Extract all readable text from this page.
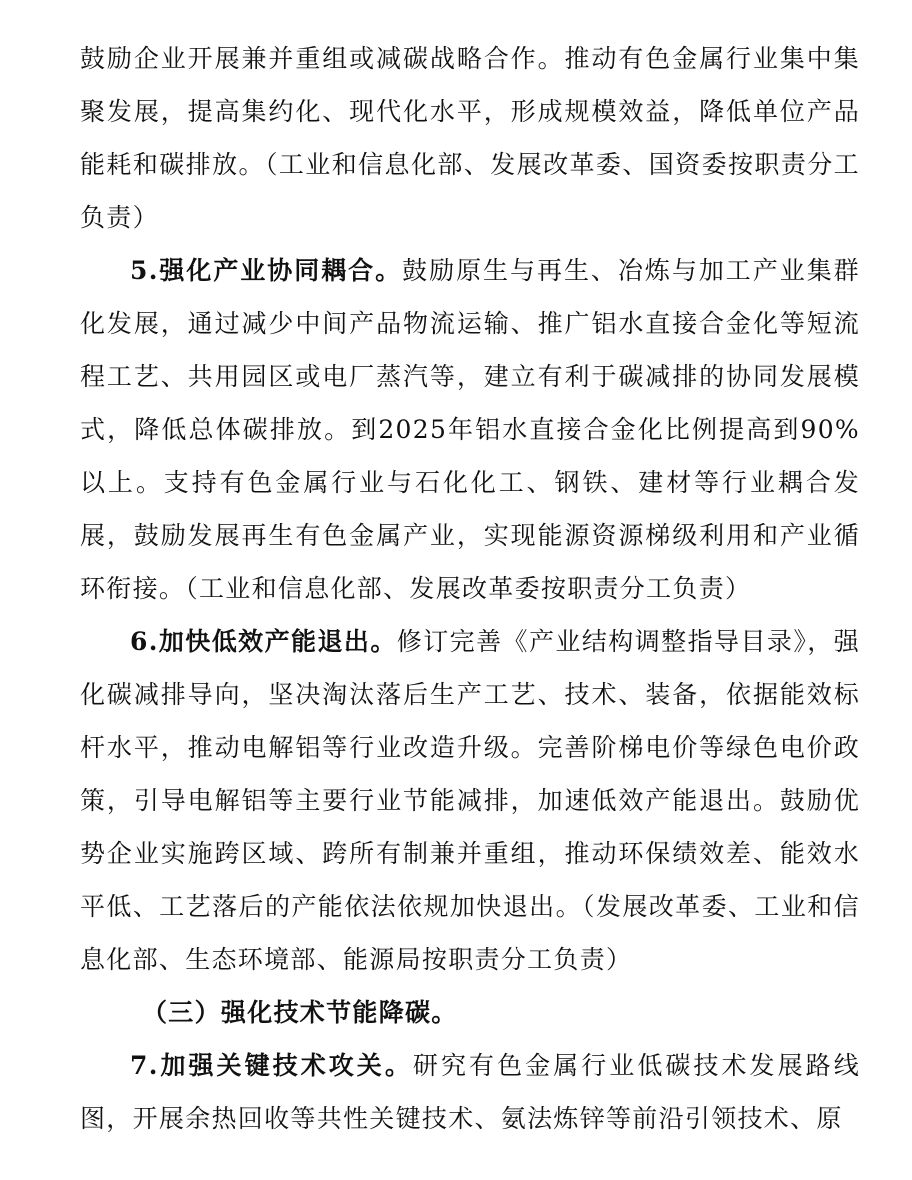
鼓励企业开展兼并重组或减碳战略合作。推动有色金属行业集中集聚发展，提高集约化、现代化水平，形成规模效益，降低单位产品能耗和碳排放。（工业和信息化部、发展改革委、国资委按职责分工负责）

5.强化产业协同耦合。鼓励原生与再生、冶炼与加工产业集群化发展，通过减少中间产品物流运输、推广铝水直接合金化等短流程工艺、共用园区或电厂蒸汽等，建立有利于碳减排的协同发展模式，降低总体碳排放。到2025年铝水直接合金化比例提高到90%以上。支持有色金属行业与石化化工、钢铁、建材等行业耦合发展，鼓励发展再生有色金属产业，实现能源资源梯级利用和产业循环衔接。（工业和信息化部、发展改革委按职责分工负责）

6.加快低效产能退出。修订完善《产业结构调整指导目录》，强化碳减排导向，坚决淘汰落后生产工艺、技术、装备，依据能效标杆水平，推动电解铝等行业改造升级。完善阶梯电价等绿色电价政策，引导电解铝等主要行业节能减排，加速低效产能退出。鼓励优势企业实施跨区域、跨所有制兼并重组，推动环保绩效差、能效水平低、工艺落后的产能依法依规加快退出。（发展改革委、工业和信息化部、生态环境部、能源局按职责分工负责）

（三）强化技术节能降碳。

7.加强关键技术攻关。研究有色金属行业低碳技术发展路线图，开展余热回收等共性关键技术、氨法炼锌等前沿引领技术、原
